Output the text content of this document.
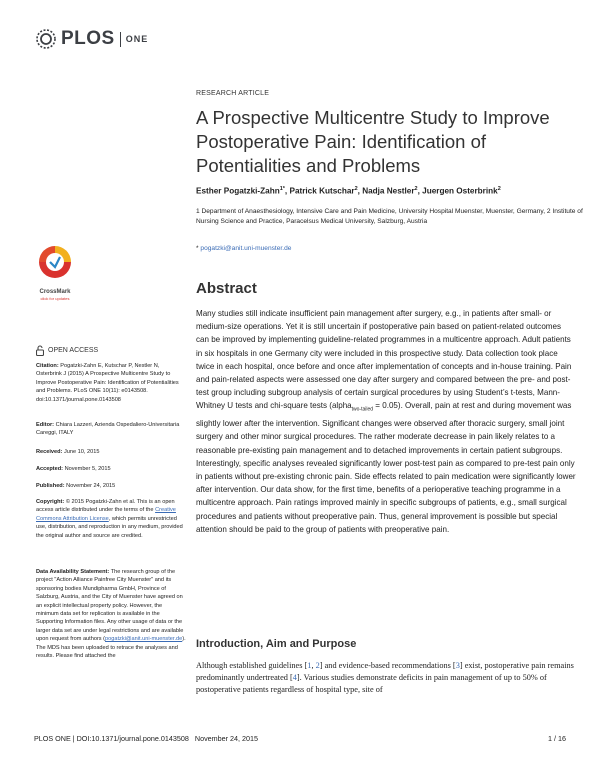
PLOS ONE
RESEARCH ARTICLE
A Prospective Multicentre Study to Improve Postoperative Pain: Identification of Potentialities and Problems
Esther Pogatzki-Zahn$^{1*}$, Patrick Kutschar$^2$, Nadja Nestler$^2$, Juergen Osterbrink$^2$
1 Department of Anaesthesiology, Intensive Care and Pain Medicine, University Hospital Muenster, Muenster, Germany, 2 Institute of Nursing Science and Practice, Paracelsus Medical University, Salzburg, Austria
* pogatzki@anit.uni-muenster.de
CrossMark
click for updates
Abstract

Many studies still indicate insufficient pain management after surgery, e.g., in patients after small- or medium-size operations. Yet it is still uncertain if postoperative pain based on patient-related outcomes can be improved by implementing guideline-related programmes in a multicentre approach. Adult patients in six hospitals in one Germany city were included in this prospective study. Data collection took place twice in each hospital, once before and once after implementation of concepts and in-house training. Pain and pain-related aspects were assessed one day after surgery and compared between the pre- and post-test group including subgroup analysis of certain surgical procedures by using Student’s t-tests, Mann-Whitney U tests and chi-square tests (alpha$_{two-tailed}$ = 0.05). Overall, pain at rest and during movement was slightly lower after the intervention. Significant changes were observed after thoracic surgery, small joint surgery and other minor surgical procedures. The rather moderate decrease in pain likely relates to a reasonable pre-existing pain management and to detached improvements in certain patient subgroups. Interestingly, specific analyses revealed significantly lower post-test pain as compared to pre-test pain only in patients without pre-existing chronic pain. Side effects related to pain medication were significantly lower after intervention. Our data show, for the first time, benefits of a perioperative teaching programme in a multicentre approach. Pain ratings improved mainly in specific subgroups of patients, e.g., small surgical procedures and patients without preoperative pain. Thus, general improvement is possible but special attention should be paid to the group of patients with preoperative pain.

Introduction, Aim and Purpose

Although established guidelines [1, 2] and evidence-based recommendations [3] exist, postoperative pain remains predominantly undertreated [4]. Various studies demonstrate deficits in pain management of up to 50% of postoperative patients regardless of hospital type, site of

OPEN ACCESS
Citation: Pogatzki-Zahn E, Kutschar P, Nestler N, Osterbrink J (2015) A Prospective Multicentre Study to Improve Postoperative Pain: Identification of Potentialities and Problems. PLoS ONE 10(11): e0143508. doi:10.1371/journal.pone.0143508
Editor: Chiara Lazzeri, Azienda Ospedaliero-Universitaria Careggi, ITALY
Received: June 10, 2015
Accepted: November 5, 2015
Published: November 24, 2015
Copyright: © 2015 Pogatzki-Zahn et al. This is an open access article distributed under the terms of the Creative Commons Attribution License, which permits unrestricted use, distribution, and reproduction in any medium, provided the original author and source are credited.
Data Availability Statement: The research group of the project "Action Alliance Painfree City Muenster" and its sponsoring bodies Mundipharma GmbH, Province of Salzburg, Austria, and the City of Muenster have agreed on an explicit intellectual property policy. However, the minimum data set for replication is available in the Supporting Information files. Any other usage of data or the larger data set are under legal restrictions and are available upon request from authors (pogatzki@anit.uni-muenster.de). The MDS has been uploaded to retrace the analyses and results. Please find attached the
PLOS ONE | DOI:10.1371/journal.pone.0143508   November 24, 2015	1 / 16
